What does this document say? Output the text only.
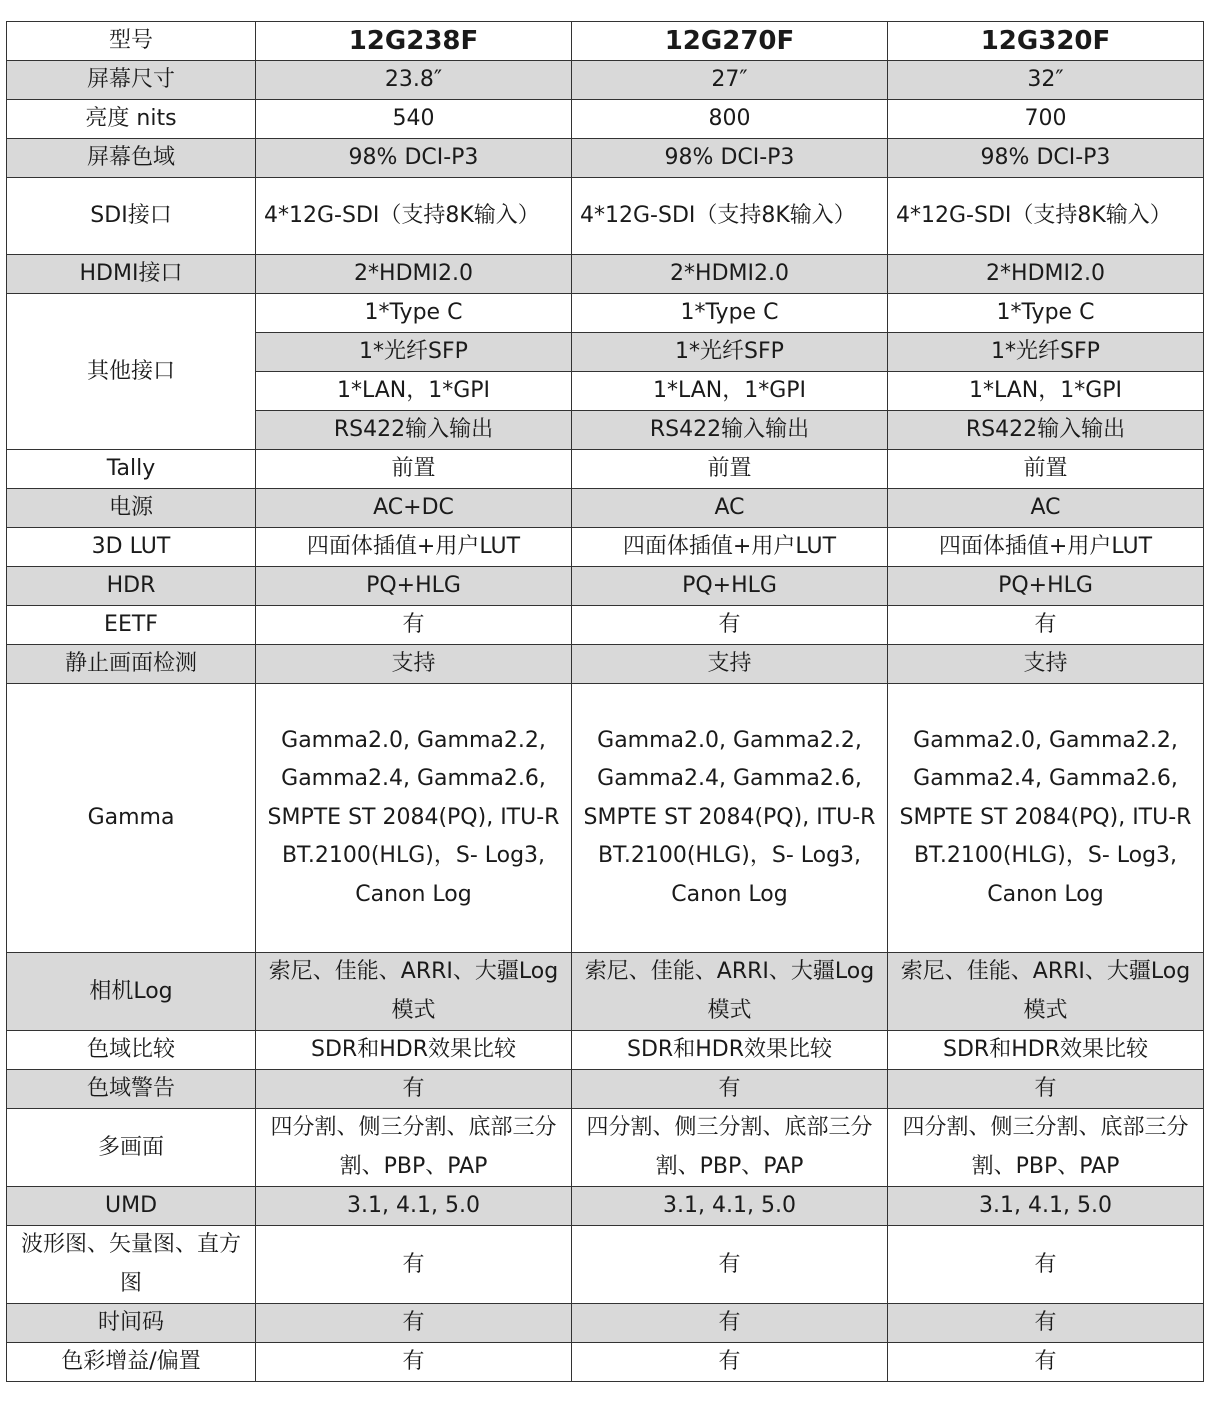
型号	12G238F	12G270F	12G320F
屏幕尺寸	23.8″	27″	32″
亮度 nits	540	800	700
屏幕色域	98% DCI-P3	98% DCI-P3	98% DCI-P3
SDI接口	4*12G-SDI（支持8K输入）	4*12G-SDI（支持8K输入）	4*12G-SDI（支持8K输入）
HDMI接口	2*HDMI2.0	2*HDMI2.0	2*HDMI2.0
其他接口	1*Type C	1*Type C	1*Type C
	1*光纤SFP	1*光纤SFP	1*光纤SFP
	1*LAN，1*GPI	1*LAN，1*GPI	1*LAN，1*GPI
	RS422输入输出	RS422输入输出	RS422输入输出
Tally	前置	前置	前置
电源	AC+DC	AC	AC
3D LUT	四面体插值+用户LUT	四面体插值+用户LUT	四面体插值+用户LUT
HDR	PQ+HLG	PQ+HLG	PQ+HLG
EETF	有	有	有
静止画面检测	支持	支持	支持
Gamma	Gamma2.0, Gamma2.2, Gamma2.4, Gamma2.6, SMPTE ST 2084(PQ), ITU-R BT.2100(HLG)，S- Log3, Canon Log	Gamma2.0, Gamma2.2, Gamma2.4, Gamma2.6, SMPTE ST 2084(PQ), ITU-R BT.2100(HLG)，S- Log3, Canon Log	Gamma2.0, Gamma2.2, Gamma2.4, Gamma2.6, SMPTE ST 2084(PQ), ITU-R BT.2100(HLG)，S- Log3, Canon Log
相机Log	索尼、佳能、ARRI、大疆Log模式	索尼、佳能、ARRI、大疆Log模式	索尼、佳能、ARRI、大疆Log模式
色域比较	SDR和HDR效果比较	SDR和HDR效果比较	SDR和HDR效果比较
色域警告	有	有	有
多画面	四分割、侧三分割、底部三分割、PBP、PAP	四分割、侧三分割、底部三分割、PBP、PAP	四分割、侧三分割、底部三分割、PBP、PAP
UMD	3.1, 4.1, 5.0	3.1, 4.1, 5.0	3.1, 4.1, 5.0
波形图、矢量图、直方图	有	有	有
时间码	有	有	有
色彩增益/偏置	有	有	有
